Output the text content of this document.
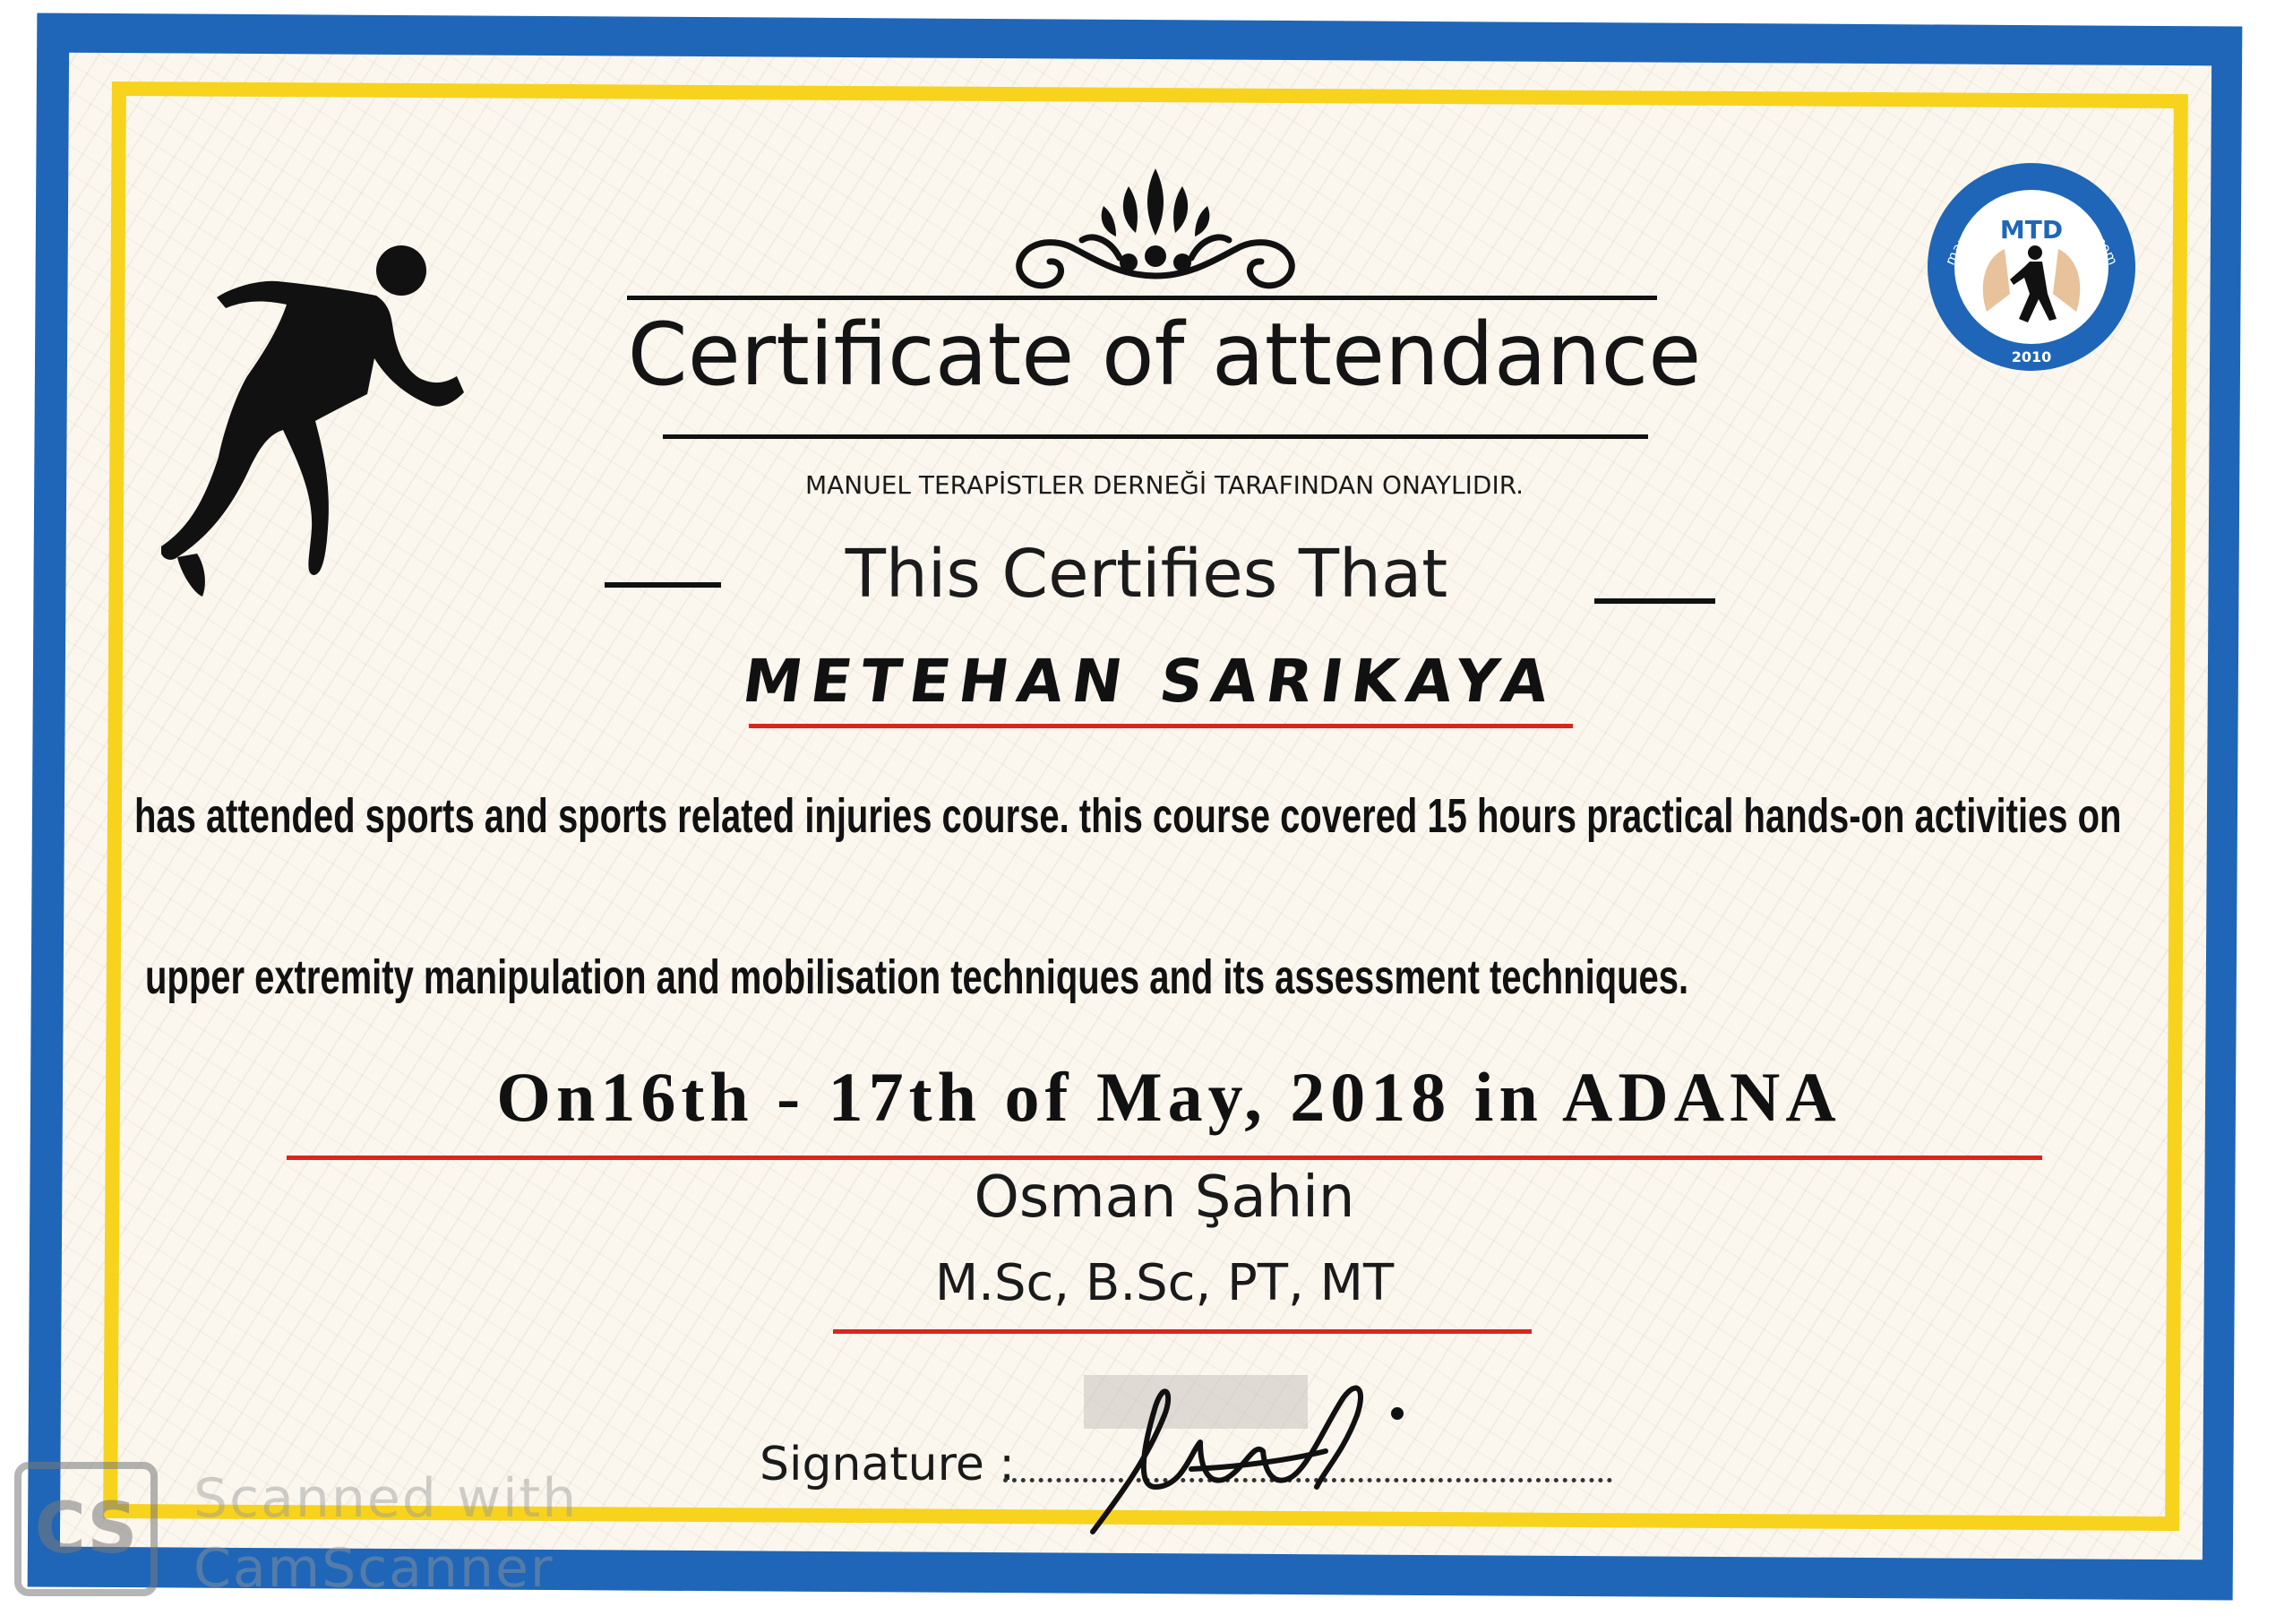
Certificate of attendance
MANUEL TERAPİSTLER DERNEĞİ TARAFINDAN ONAYLIDIR.
This Certifies That
METEHAN SARIKAYA
has attended sports and sports related injuries course. this course covered 15 hours practical hands-on activities on
upper extremity manipulation and mobilisation techniques and its assessment techniques.
On16th - 17th of May, 2018 in ADANA
Osman Şahin
M.Sc, B.Sc, PT, MT
Signature :
manuelterapistlerdernegi.com
MTD
2010
CS	Scanned with
CamScanner
